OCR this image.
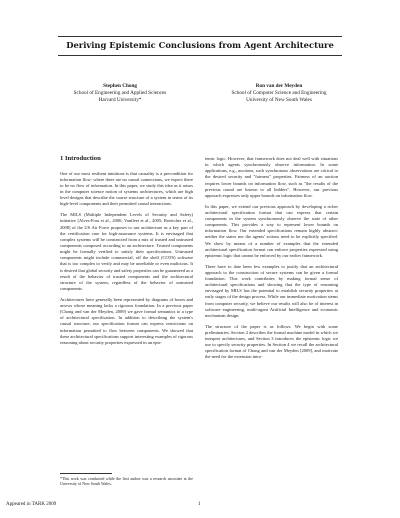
Deriving Epistemic Conclusions from Agent Architecture
Stephen Chong
School of Engineering and Applied Sciences
Harvard University*
Ron van der Meyden
School of Computer Science and Engineering
University of New South Wales
1 Introduction

One of our most resilient intuitions is that causality is a precondition for information flow: where there are no causal connections, we expect there to be no flow of information. In this paper, we study this idea as it arises in the computer science notion of systems architectures, which are high level designs that describe the coarse structure of a system in terms of its high-level components and their permitted causal interactions.

The MILS (Multiple Independent Levels of Security and Safety) initiative [Alves-Foss et al., 2006; Vanfleet et al., 2005; Boettcher et al., 2008] of the US Air Force proposes to use architecture as a key part of the certification case for high-assurance systems. It is envisaged that complex systems will be constructed from a mix of trusted and untrusted components composed according to an architecture. Trusted components might be formally verified to satisfy their specifications. Untrusted components might include commercial, off the shelf (COTS) software that is too complex to verify and may be unreliable or even malicious. It is desired that global security and safety properties can be guaranteed as a result of the behavior of trusted components and the architectural structure of the system, regardless of the behavior of untrusted components.

Architectures have generally been represented by diagrams of boxes and arrows whose meaning lacks a rigorous foundation. In a previous paper [Chong and van der Meyden, 2009] we gave formal semantics to a type of architectural specification. In addition to describing the system's causal structure, our specification format can express restrictions on information permitted to flow between components. We showed that these architectural specifications support interesting examples of rigorous reasoning about security properties expressed in an epis-

temic logic. However, that framework does not deal well with situations in which agents synchronously observe information. In some applications, e.g., auctions, such synchronous observations are critical to the desired security and "fairness" properties. Fairness of an auction requires lower bounds on information flow, such as "the results of the previous round are known to all bidders". However, our previous approach expresses only upper bounds on information flow.

In this paper, we extend our previous approach by developing a richer architectural specification format that can express that certain components in the system synchronously observe the state of other components. This provides a way to represent lower bounds on information flow. Our extended specifications remain highly abstract: neither the states nor the agents' actions need to be explicitly specified. We show by means of a number of examples that the extended architectural specification format can enforce properties expressed using epistemic logic that cannot be enforced by our earlier framework.

There have to date been few examples to justify that an architectural approach to the construction of secure systems can be given a formal foundation. This work contributes by making formal sense of architectural specifications and showing that the type of reasoning envisaged by MILS has the potential to establish security properties at early stages of the design process. While our immediate motivation stems from computer security, we believe our results will also be of interest in software engineering, multi-agent Artificial Intelligence and economic mechanism design.

The structure of the paper is as follows. We begin with some preliminaries. Section 2 describes the formal machine model in which we interpret architectures, and Section 3 introduces the epistemic logic we use to specify security properties. In Section 4 we recall the architectural specification format of Chong and van der Meyden [2009], and motivate the need for the extension intro-

*This work was conducted while the first author was a research associate at the University of New South Wales.
Appeared in TARK 2009	1
